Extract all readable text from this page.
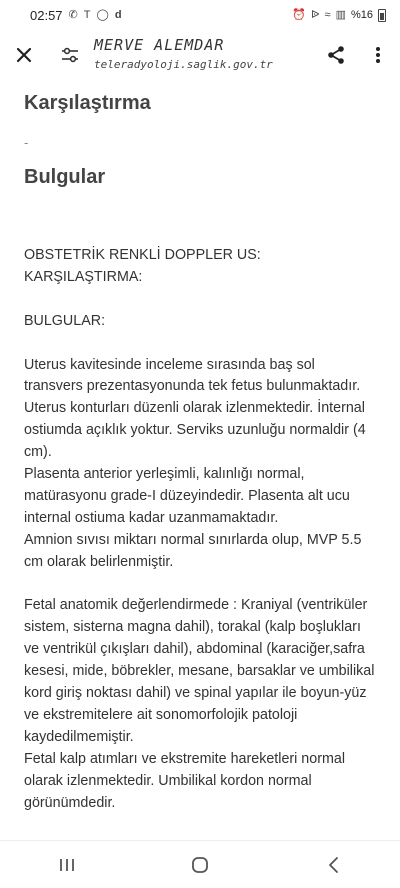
02:57 ✆ T ◯ d	⏰ ᐉ ≈ ▥ %16
MERVE ALEMDAR
teleradyoloji.saglik.gov.tr
Karşılaştırma
-
Bulgular
OBSTETRİK RENKLİ DOPPLER US:
KARŞILAŞTIRMA:
BULGULAR:
Uterus kavitesinde inceleme sırasında baş sol transvers prezentasyonunda tek fetus bulunmaktadır. Uterus konturları düzenli olarak izlenmektedir. İnternal ostiumda açıklık yoktur. Serviks uzunluğu normaldir (4 cm).
Plasenta anterior yerleşimli, kalınlığı normal, matürasyonu grade-I düzeyindedir. Plasenta alt ucu internal ostiuma kadar uzanmamaktadır.
Amnion sıvısı miktarı normal sınırlarda olup, MVP 5.5 cm olarak belirlenmiştir.
Fetal anatomik değerlendirmede : Kraniyal (ventriküler sistem, sisterna magna dahil), torakal (kalp boşlukları ve ventrikül çıkışları dahil), abdominal (karaciğer,safra kesesi, mide, böbrekler, mesane, barsaklar ve umbilikal kord giriş noktası dahil) ve spinal yapılar ile boyun-yüz ve ekstremitelere ait sonomorfolojik patoloji kaydedilmemiştir.
Fetal kalp atımları ve ekstremite hareketleri normal olarak izlenmektedir. Umbilikal kordon normal görünümdedir.
